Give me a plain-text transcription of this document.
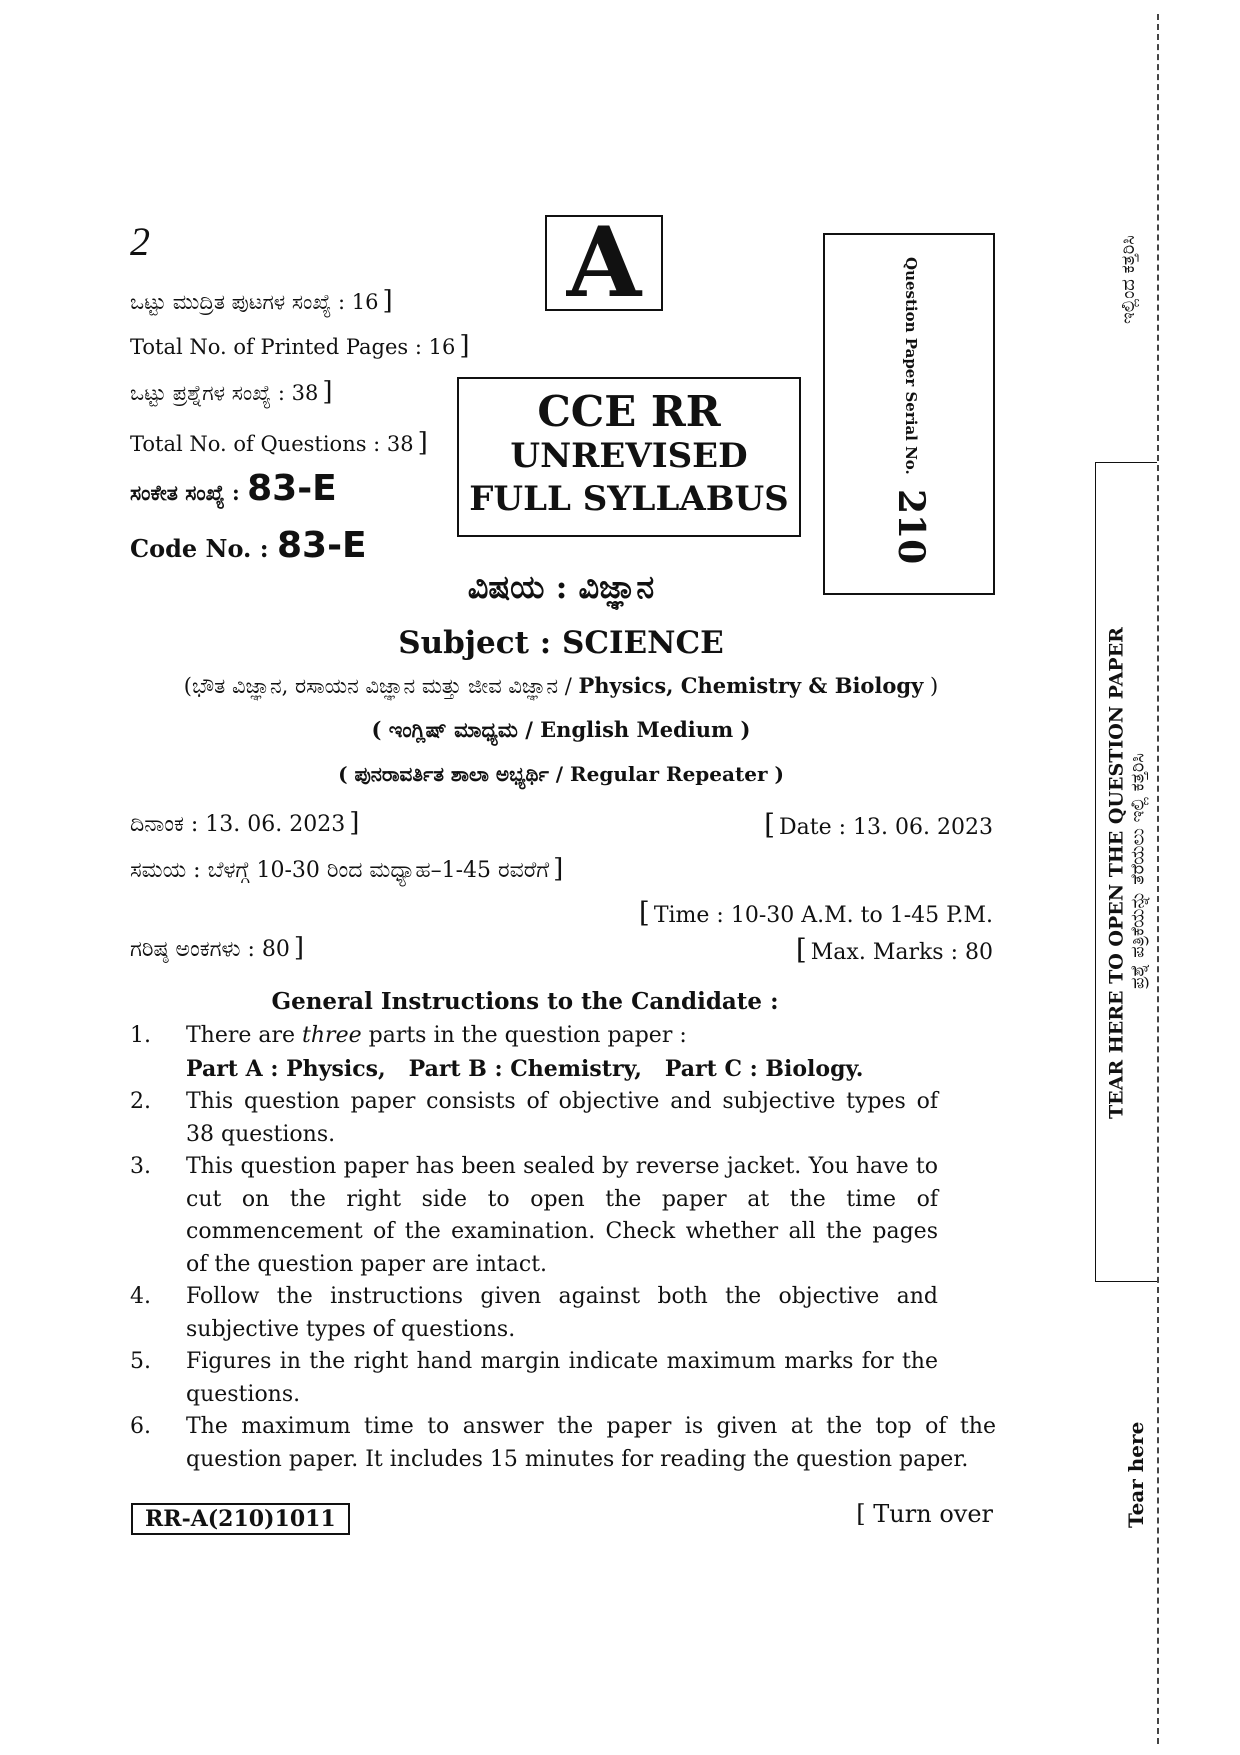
2
ಒಟ್ಟು ಮುದ್ರಿತ ಪುಟಗಳ ಸಂಖ್ಯೆ : 16 ]
Total No. of Printed Pages : 16 ]
ಒಟ್ಟು ಪ್ರಶ್ನೆಗಳ ಸಂಖ್ಯೆ : 38 ]
Total No. of Questions : 38 ]
ಸಂಕೇತ ಸಂಖ್ಯೆ : 83-E
Code No. : 83-E
A
CCE RR
UNREVISED
FULL SYLLABUS
Question Paper Serial No.
210
ವಿಷಯ : ವಿಜ್ಞಾನ
Subject : SCIENCE
(ಭೌತ ವಿಜ್ಞಾನ, ರಸಾಯನ ವಿಜ್ಞಾನ ಮತ್ತು ಜೀವ ವಿಜ್ಞಾನ / Physics, Chemistry & Biology )
( ಇಂಗ್ಲಿಷ್ ಮಾಧ್ಯಮ / English Medium )
( ಪುನರಾವರ್ತಿತ ಶಾಲಾ ಅಭ್ಯರ್ಥಿ / Regular Repeater )
ದಿನಾಂಕ : 13. 06. 2023 ]	[ Date : 13. 06. 2023
ಸಮಯ : ಬೆಳಗ್ಗೆ 10-30 ರಿಂದ ಮಧ್ಯಾಹ–1-45 ರವರೆಗೆ ]
[ Time : 10-30 A.M. to 1-45 P.M.
ಗರಿಷ್ಠ ಅಂಕಗಳು : 80 ]	[ Max. Marks : 80
General Instructions to the Candidate :
1.	There are three parts in the question paper :
Part A : Physics,   Part B : Chemistry,   Part C : Biology.
2.	This question paper consists of objective and subjective types of 38 questions.
3.	This question paper has been sealed by reverse jacket. You have to cut on the right side to open the paper at the time of commencement of the examination. Check whether all the pages of the question paper are intact.
4.	Follow the instructions given against both the objective and subjective types of questions.
5.	Figures in the right hand margin indicate maximum marks for the questions.
6.	The maximum time to answer the paper is given at the top of the question paper. It includes 15 minutes for reading the question paper.
RR-A(210)1011	[ Turn over
ಇಲ್ಲಿಂದ ಕತ್ತರಿಸಿ
TEAR HERE TO OPEN THE QUESTION PAPER ಪ್ರಶ್ನೆ ಪತ್ರಿಕೆಯನ್ನು ತೆರೆಯಲು ಇಲ್ಲಿ ಕತ್ತರಿಸಿ
Tear here
